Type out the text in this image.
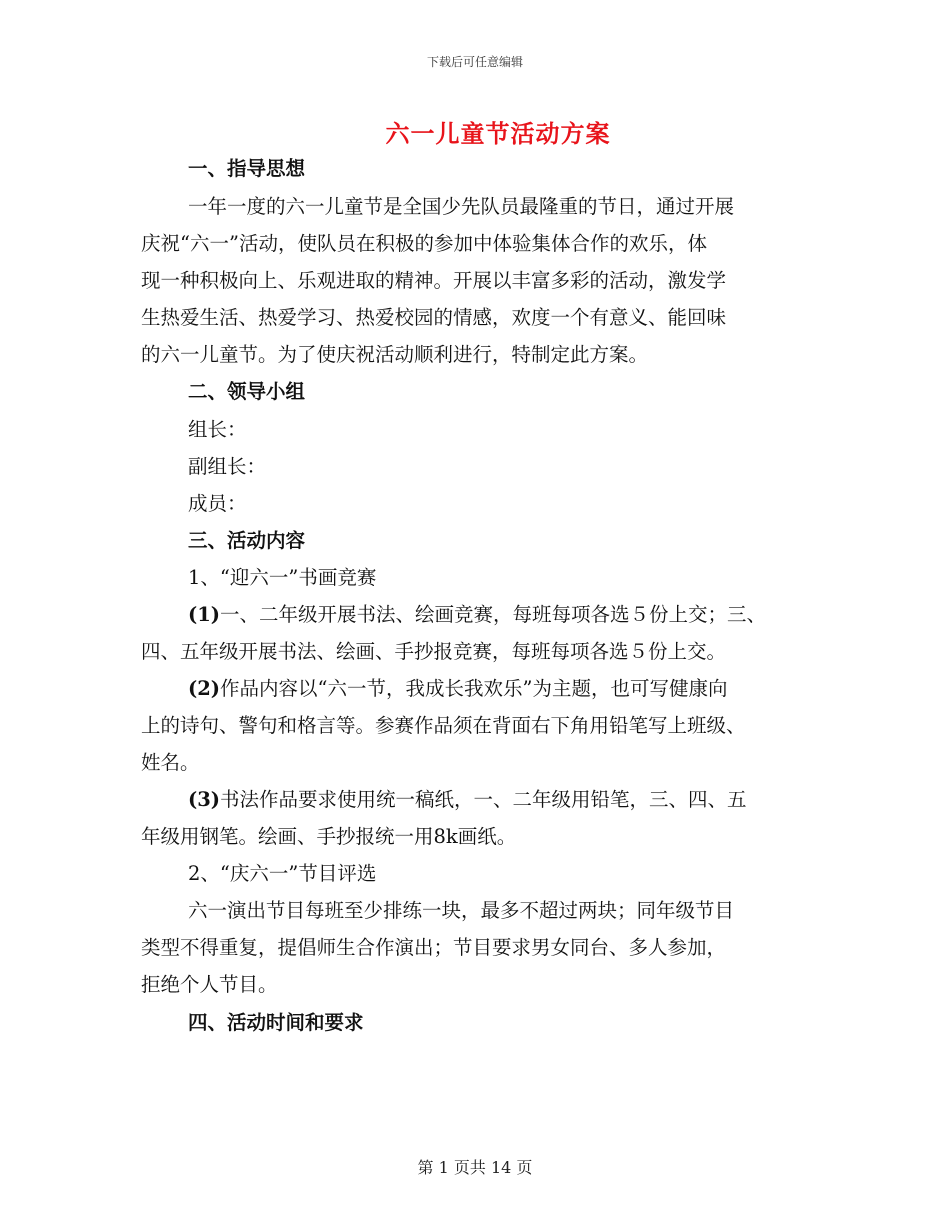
下载后可任意编辑
六一儿童节活动方案
一、指导思想
一年一度的六一儿童节是全国少先队员最隆重的节日，通过开展
庆祝“六一”活动，使队员在积极的参加中体验集体合作的欢乐，体
现一种积极向上、乐观进取的精神。开展以丰富多彩的活动，激发学
生热爱生活、热爱学习、热爱校园的情感，欢度一个有意义、能回味
的六一儿童节。为了使庆祝活动顺利进行，特制定此方案。
二、领导小组
组长：
副组长：
成员：
三、活动内容
1、“迎六一”书画竞赛
(1)一、二年级开展书法、绘画竞赛，每班每项各选５份上交；三、
四、五年级开展书法、绘画、手抄报竞赛，每班每项各选５份上交。
(2)作品内容以“六一节，我成长我欢乐”为主题，也可写健康向
上的诗句、警句和格言等。参赛作品须在背面右下角用铅笔写上班级、
姓名。
(3)书法作品要求使用统一稿纸，一、二年级用铅笔，三、四、五
年级用钢笔。绘画、手抄报统一用8k画纸。
2、“庆六一”节目评选
六一演出节目每班至少排练一块，最多不超过两块；同年级节目
类型不得重复，提倡师生合作演出；节目要求男女同台、多人参加，
拒绝个人节目。
四、活动时间和要求
第 1 页共 14 页
